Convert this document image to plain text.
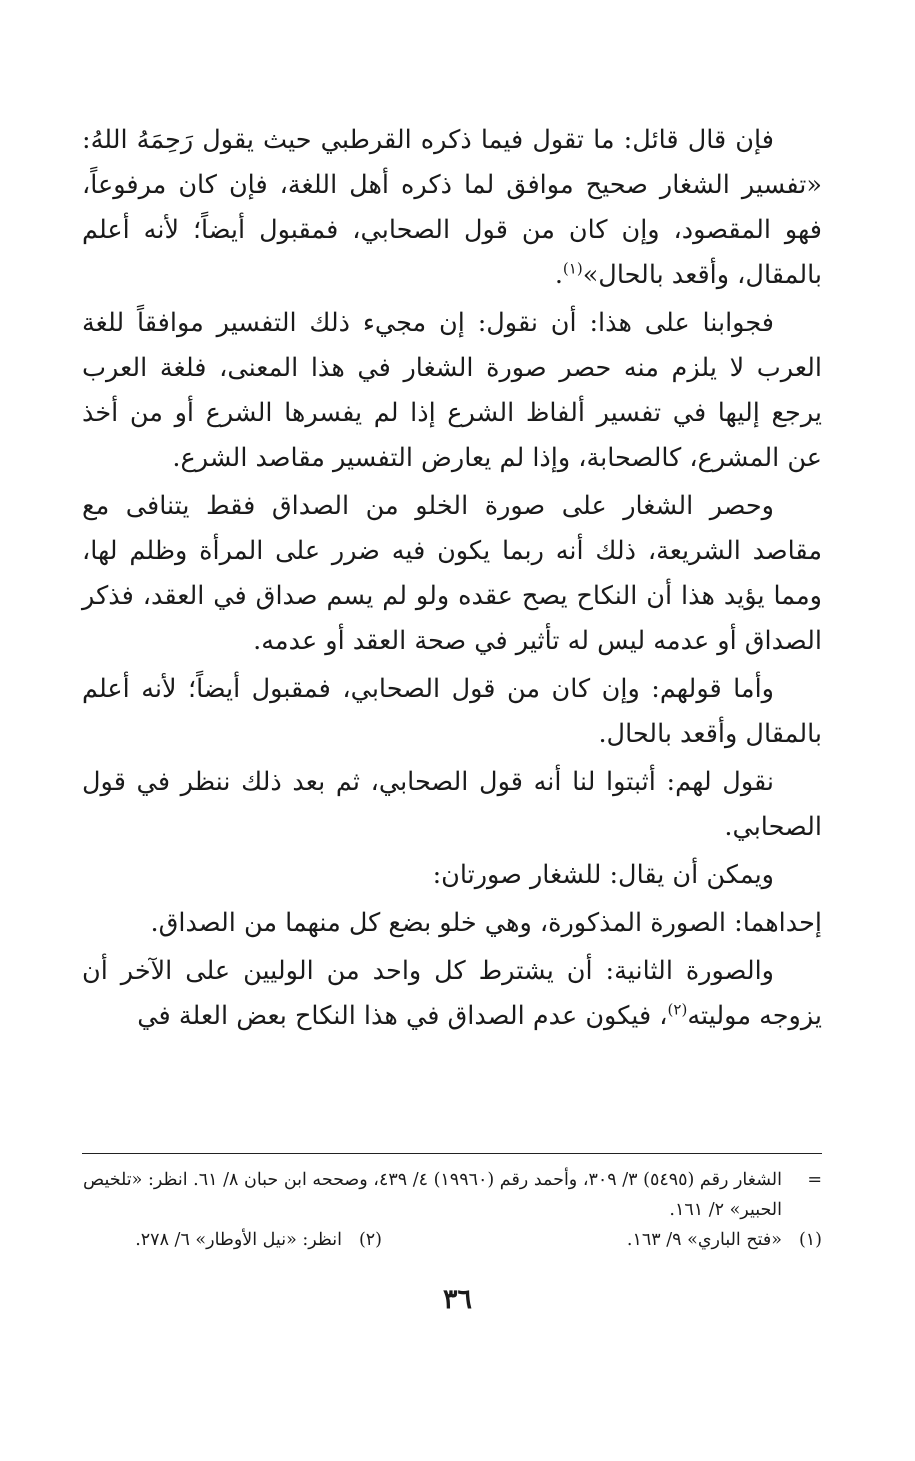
فإن قال قائل: ما تقول فيما ذكره القرطبي حيث يقول رَحِمَهُ اللهُ: «تفسير الشغار صحيح موافق لما ذكره أهل اللغة، فإن كان مرفوعاً، فهو المقصود، وإن كان من قول الصحابي، فمقبول أيضاً؛ لأنه أعلم بالمقال، وأقعد بالحال»$^{(١)}$.

فجوابنا على هذا: أن نقول: إن مجيء ذلك التفسير موافقاً للغة العرب لا يلزم منه حصر صورة الشغار في هذا المعنى، فلغة العرب يرجع إليها في تفسير ألفاظ الشرع إذا لم يفسرها الشرع أو من أخذ عن المشرع، كالصحابة، وإذا لم يعارض التفسير مقاصد الشرع.

وحصر الشغار على صورة الخلو من الصداق فقط يتنافى مع مقاصد الشريعة، ذلك أنه ربما يكون فيه ضرر على المرأة وظلم لها، ومما يؤيد هذا أن النكاح يصح عقده ولو لم يسم صداق في العقد، فذكر الصداق أو عدمه ليس له تأثير في صحة العقد أو عدمه.

وأما قولهم: وإن كان من قول الصحابي، فمقبول أيضاً؛ لأنه أعلم بالمقال وأقعد بالحال.

نقول لهم: أثبتوا لنا أنه قول الصحابي، ثم بعد ذلك ننظر في قول الصحابي.

ويمكن أن يقال: للشغار صورتان:

إحداهما: الصورة المذكورة، وهي خلو بضع كل منهما من الصداق.

والصورة الثانية: أن يشترط كل واحد من الوليين على الآخر أن يزوجه موليته$^{(٢)}$، فيكون عدم الصداق في هذا النكاح بعض العلة في

=
الشغار رقم (٥٤٩٥) ٣/ ٣٠٩، وأحمد رقم (١٩٩٦٠) ٤/ ٤٣٩، وصححه ابن حبان ٨/ ٦١. انظر: «تلخيص الحبير» ٢/ ١٦١.
(١)
«فتح الباري» ٩/ ١٦٣.
(٢)
انظر: «نيل الأوطار» ٦/ ٢٧٨.
٣٦
